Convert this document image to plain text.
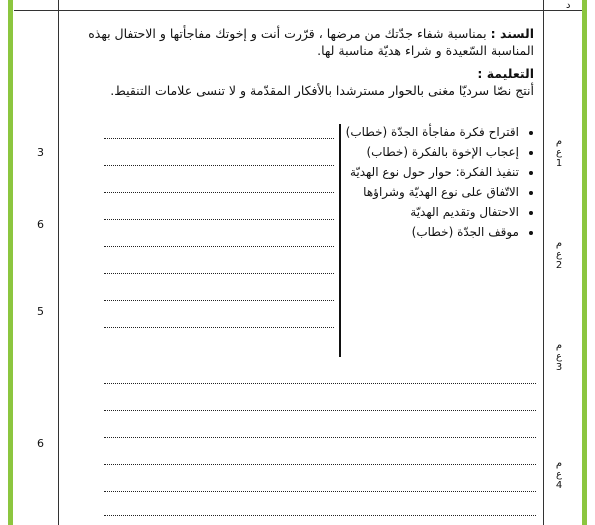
د
السند : بمناسبة شفاء جدّتك من مرضها ، قرّرت أنت و إخوتك مفاجأتها و الاحتفال بهذه المناسبة السّعيدة و شراء هديّة مناسبة لها.
التعليمة :
أنتج نصّا سرديّا مغنى بالحوار مسترشدا بالأفكار المقدّمة و لا تنسى علامات التنقيط.
• اقتراح فكرة مفاجأة الجدّة (خطاب)
• إعجاب الإخوة بالفكرة (خطاب)
• تنفيذ الفكرة: حوار حول نوع الهديّة
• الاتّفاق على نوع الهديّة وشراؤها
• الاحتفال وتقديم الهديّة
• موقف الجدّة (خطاب)
3
6
5
6
م
ع
1
م
ع
2
م
ع
3
م
ع
4
